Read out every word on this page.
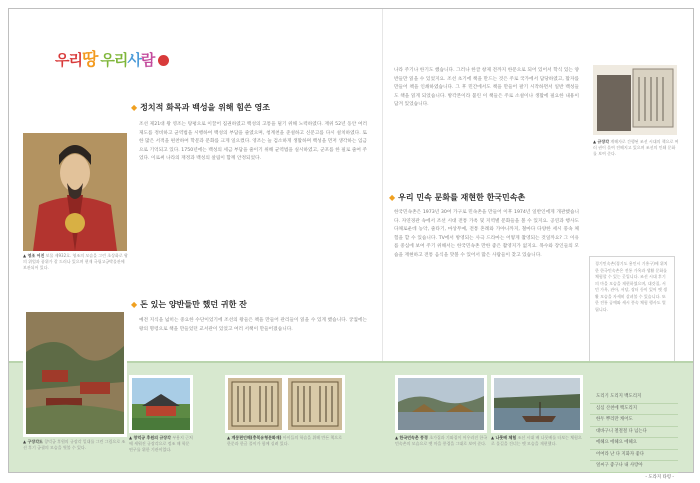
우리땅 우리사람
◆ 정치적 화목과 백성을 위해 힘쓴 영조
조선 제21대 왕 영조는 탕평으로 이끌어 집권하였고 백성의 고통을 덜기 위해 노력하였다. 재위 52년 동안 여러 제도를 정비하고 균역법을 시행하여 백성의 부담을 줄였으며, 청계천을 준설하고 신문고를 다시 설치하였다. 또한 많은 서적을 편찬하여 학문과 문화를 크게 일으켰다. 영조는 늘 검소하게 생활하며 백성을 먼저 생각하는 임금으로 기억되고 있다. 1750년에는 백성의 세금 부담을 줄이기 위해 균역법을 실시하였고, 군포를 한 필로 줄여 주었다. 이로써 나라의 재정과 백성의 살림이 함께 안정되었다.
▲ 영조 어진 보물 제932호. 영조의 모습을 그린 초상화로 왕의 위엄과 품위가 잘 드러나 있으며 현재 국립고궁박물관에 보관되어 있다.
◆ 돈 있는 양반들만 했던 귀한 잔
예전 지식을 넓히는 중요한 수단이었기에 조선의 왕들은 책을 만들어 관리들이 읽을 수 있게 했습니다. 궁궐에는 왕의 명령으로 책을 만들었던 교서관이 있었고 여러 서책이 만들어졌습니다.
나라 주기나 한기도 했습니다. 그러나 한글 창제 전까지 한문으로 되어 있어서 학식 있는 양반들만 읽을 수 있었지요. 조선 초기에 책을 만드는 것은 주로 국가에서 담당하였고, 활자를 만들어 책을 인쇄하였습니다. 그 후 민간에서도 책을 만들어 팔기 시작하면서 일반 백성들도 책을 읽게 되었습니다. 방각본이라 불린 이 책들은 주로 소설이나 생활에 필요한 내용이 담겨 있었습니다.
◆ 우리 민속 문화를 재현한 한국민속촌
한국민속촌은 1973년 30여 가구로 민속촌을 만들어 이후 1974년 일반인에게 개관했습니다. 자연경관 속에서 조선 시대 전통 가옥 및 지역별 문화들을 볼 수 있지요. 공연과 행사도 다채로운데 농악, 줄타기, 마상무예, 전통 혼례와 가야니까지, 철마다 다양한 세시 풍속 체험을 할 수 있습니다. TV에서 방영되는 사극 드라마는 어떻게 촬영되는 것일까요? 그 이유를 중심에 보여 주기 위해서는 한국민속촌 만한 좋은 촬영지가 없지요. 목수와 장인들의 모습을 재현하고 전통 음식을 맛볼 수 있어서 많은 사람들이 찾고 있습니다.
▲ 규장각 계해자로 간행된 조선 시대의 책으로 여러 권이 묶여 전해지고 있으며 조선의 인쇄 문화를 보여 준다.
경기민속촌(경기도 용인시 기흥구)에 위치한 한국민속촌은 전통 가옥과 생활 문화를 체험할 수 있는 곳입니다. 조선 시대 후기의 마을 모습을 재현하였으며, 대갓집, 서민 가옥, 관아, 서당, 장터 등이 있어 옛 생활 모습을 자세히 살펴볼 수 있습니다. 또한 전통 공예와 세시 풍속 체험 행사도 열립니다.
▲ 구장각도 창덕궁 후원의 규장각 일대를 그린 그림으로 조선 후기 궁궐의 모습을 엿볼 수 있다.
▲ 창덕궁 후원의 규장각 부용지 근처에 세워진 규장각으로 정조 때 학문 연구를 위한 기관이었다.
▲ 계몽편언해(충북유형문화재) 아이들의 학습을 위해 만든 책으로 한문과 한글 풀이가 함께 실려 있다.
▲ 한국민속촌 풍경 초가집과 기와집이 어우러진 한국민속촌의 모습으로 옛 마을 풍경을 그대로 보여 준다.
▲ 나룻배 체험 조선 시대 배 나룻배를 타보는 체험으로 물길을 건너는 옛 모습을 재현했다.
도리기 도리지 백도리지
심심 산천에 백도리지
한두 뿌리만 캐어도
대바구니 철철철 다 넘는다
에헤요 에헤요 에헤요
어여라 난 다 지화자 좋다
얼씨구 좋구나 내 사랑아
- 도라지 타령 -
